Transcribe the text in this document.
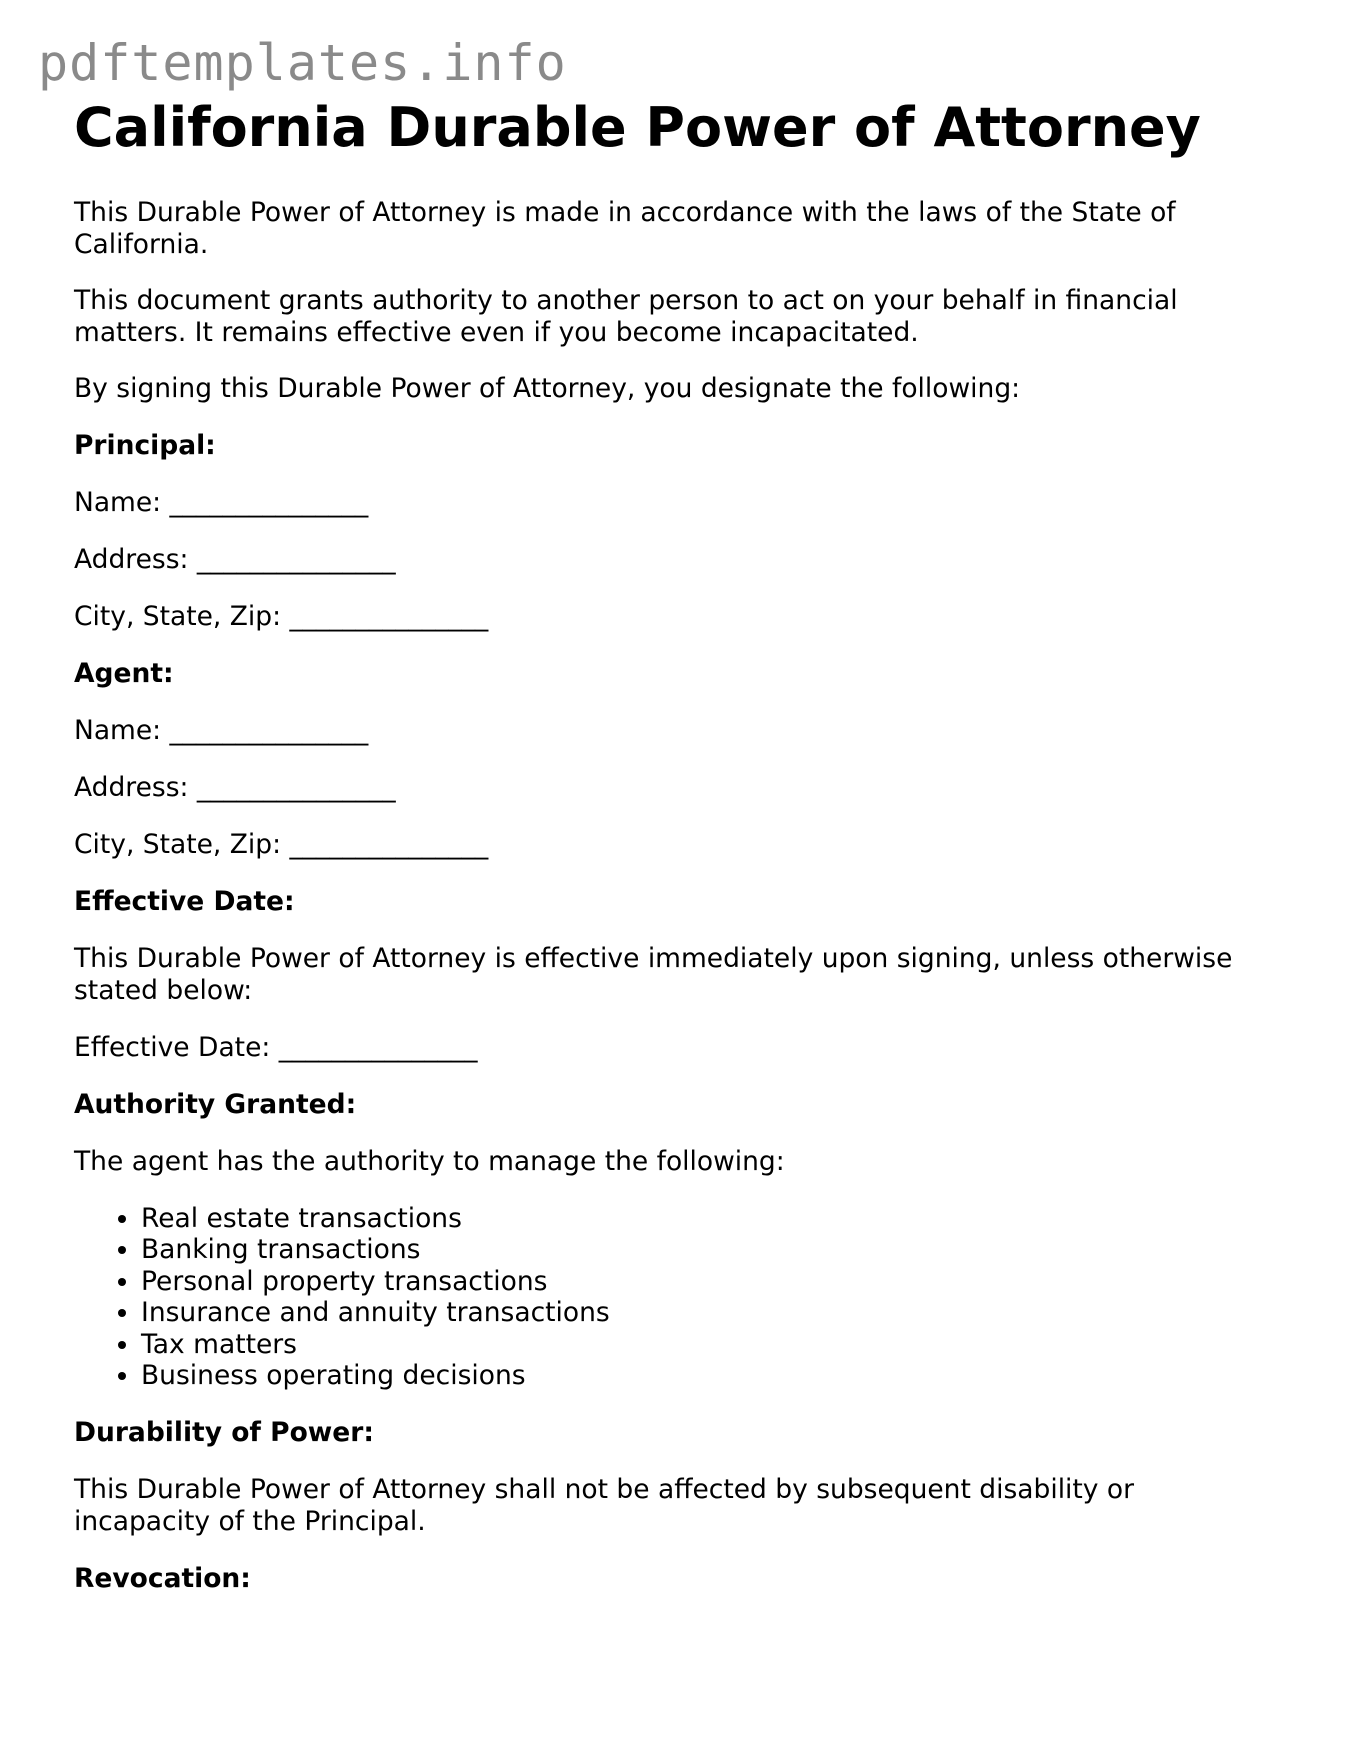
pdftemplates.info
California Durable Power of Attorney

This Durable Power of Attorney is made in accordance with the laws of the State of California.

This document grants authority to another person to act on your behalf in financial matters. It remains effective even if you become incapacitated.

By signing this Durable Power of Attorney, you designate the following:

Principal:

Name: _______________

Address: _______________

City, State, Zip: _______________

Agent:

Name: _______________

Address: _______________

City, State, Zip: _______________

Effective Date:

This Durable Power of Attorney is effective immediately upon signing, unless otherwise stated below:

Effective Date: _______________

Authority Granted:

The agent has the authority to manage the following:

• Real estate transactions
• Banking transactions
• Personal property transactions
• Insurance and annuity transactions
• Tax matters
• Business operating decisions

Durability of Power:

This Durable Power of Attorney shall not be affected by subsequent disability or incapacity of the Principal.

Revocation:
